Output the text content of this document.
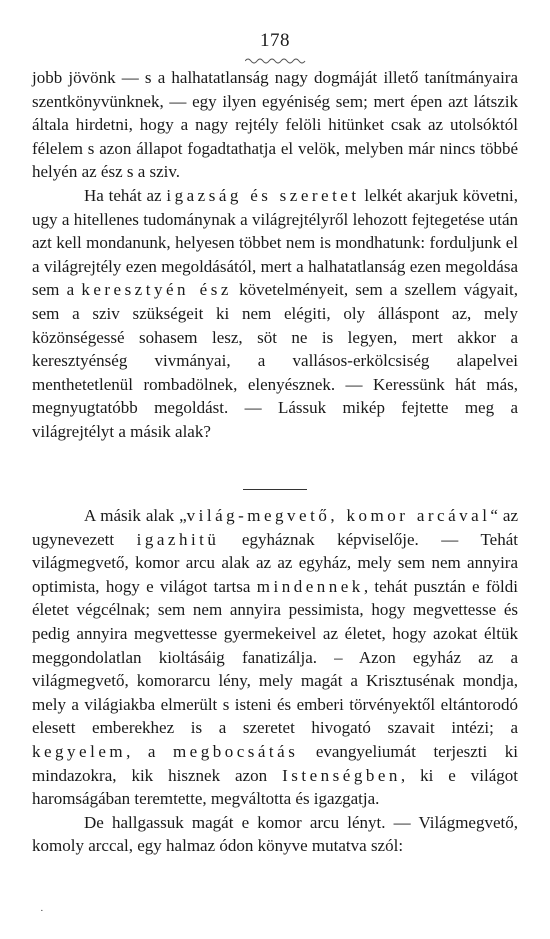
178

jobb jövönk — s a halhatatlanság nagy dogmáját illető tanítmányaira szentkönyvünknek, — egy ilyen egyéniség sem; mert épen azt látszik általa hirdetni, hogy a nagy rejtély felöli hitünket csak az utolsóktól félelem s azon állapot fogadtathatja el velök, melyben már nincs többé helyén az ész s a sziv.

Ha tehát az igazság és szeretet lelkét akarjuk követni, ugy a hitellenes tudománynak a világrejtélyről lehozott fejtegetése után azt kell mondanunk, helyesen többet nem is mondhatunk: forduljunk el a világrejtély ezen megoldásától, mert a halhatatlanság ezen megoldása sem a keresztyén ész követelményeit, sem a szellem vágyait, sem a sziv szükségeit ki nem elégiti, oly álláspont az, mely közönségessé sohasem lesz, söt ne is legyen, mert akkor a keresztyénség vivmányai, a vallásos-erkölcsiség alapelvei menthetetlenül rombadölnek, elenyésznek. — Keressünk hát más, megnyugtatóbb megoldást. — Lássuk mikép fejtette meg a világrejtélyt a másik alak?

A másik alak „világ-megvető, komor arcával“ az ugynevezett igazhitü egyháznak képviselője. — Tehát világmegvető, komor arcu alak az az egyház, mely sem nem annyira optimista, hogy e világot tartsa mindennek, tehát pusztán e földi életet végcélnak; sem nem annyira pessimista, hogy megvettesse és pedig annyira megvettesse gyermekeivel az életet, hogy azokat éltük meggondolatlan kioltásáig fanatizálja. – Azon egyház az a világmegvető, komorarcu lény, mely magát a Krisztusénak mondja, mely a világiakba elmerült s isteni és emberi törvényektől eltántorodó elesett emberekhez is a szeretet hivogató szavait intézi; a kegyelem, a megbocsátás evangyeliumát terjeszti ki mindazokra, kik hisznek azon Istenségben, ki e világot haromságában teremtette, megváltotta és igazgatja.

De hallgassuk magát e komor arcu lényt. — Világmegvető, komoly arccal, egy halmaz ódon könyve mutatva szól:

·
